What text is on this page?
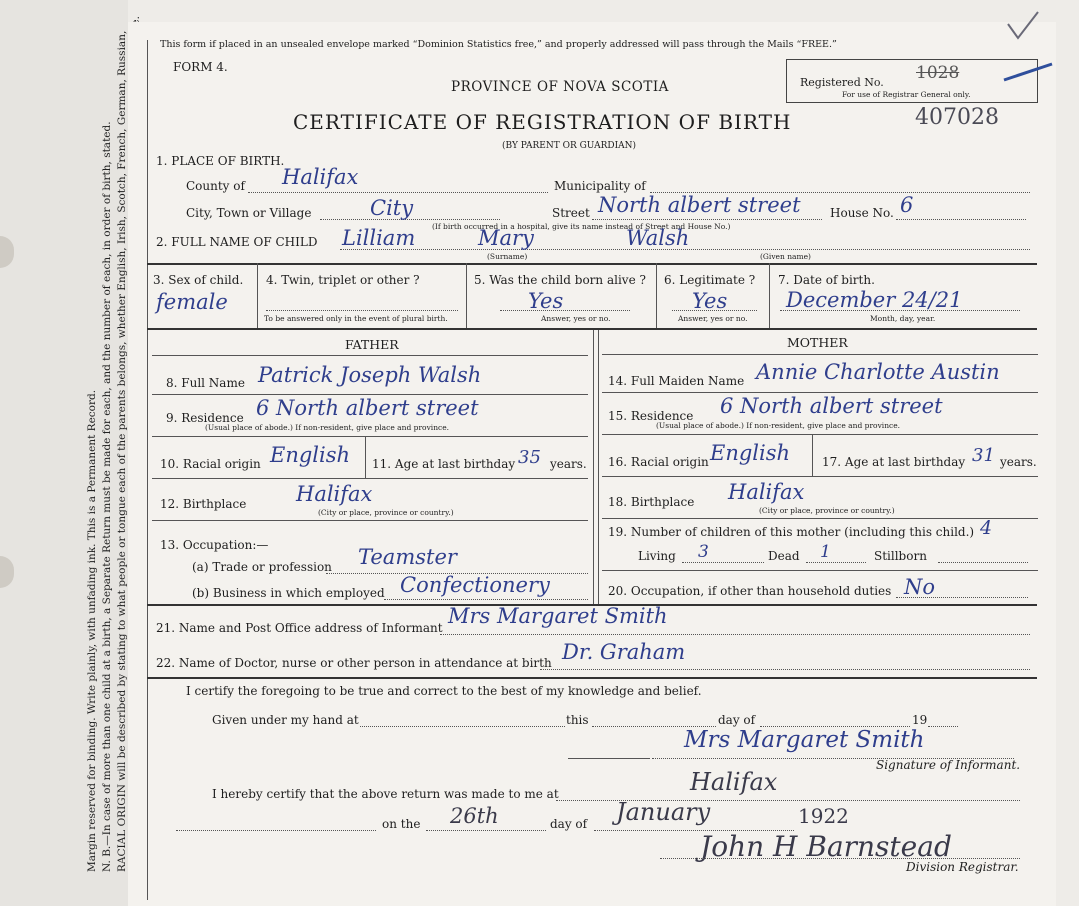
Margin reserved for binding. Write plainly, with unfading ink. This is a Permanent Record. N. B.—In case of more than one child at a birth, a Separate Return must be made for each, and the number of each, in order of birth, stated. RACIAL ORIGIN will be described by stating to what people or tongue each of the parents belongs, whether English, Irish, Scotch, French, German, Russian,	This form if placed in an unsealed envelope marked “Dominion Statistics free,” and properly addressed will pass through the Mails “FREE.”
FORM 4.
PROVINCE OF NOVA SCOTIA
CERTIFICATE OF REGISTRATION OF BIRTH
(BY PARENT OR GUARDIAN)
Registered No. 1028
For use of Registrar General only.
407028
1. PLACE OF BIRTH.
County of Halifax	Municipality of
City, Town or Village	City	Street North albert street House No. 6
(If birth occurred in a hospital, give its name instead of Street and House No.)
2. FULL NAME OF CHILD Lilliam	Mary	Walsh
(Surname)	(Given name)
3. Sex of child.
female
4. Twin, triplet or other ?
To be answered only in the event of plural birth.
5. Was the child born alive ?
Yes
Answer, yes or no.
6. Legitimate ?
Yes
Answer, yes or no.
7. Date of birth.
December 24/21
Month, day, year.
FATHER	MOTHER
8. Full Name Patrick Joseph Walsh
9. Residence 6 North albert street
(Usual place of abode.) If non-resident, give place and province.
10. Racial origin English 11. Age at last birthday 35 years.
12. Birthplace Halifax
(City or place, province or country.)
13. Occupation:—
(a) Trade or profession Teamster
(b) Business in which employed Confectionery
14. Full Maiden Name Annie Charlotte Austin
15. Residence 6 North albert street
(Usual place of abode.) If non-resident, give place and province.
16. Racial origin English	17. Age at last birthday 31 years.
18. Birthplace Halifax
(City or place, province or country.)
19. Number of children of this mother (including this child.) 4
Living 3	Dead 1	Stillborn
20. Occupation, if other than household duties No
21. Name and Post Office address of Informant Mrs Margaret Smith
22. Name of Doctor, nurse or other person in attendance at birth Dr. Graham
I certify the foregoing to be true and correct to the best of my knowledge and belief.
Given under my hand at	this	day of	19
Mrs Margaret Smith
Signature of Informant.
I hereby certify that the above return was made to me at	Halifax
on the 26th	day of January	1922
John H Barnstead
Division Registrar.
